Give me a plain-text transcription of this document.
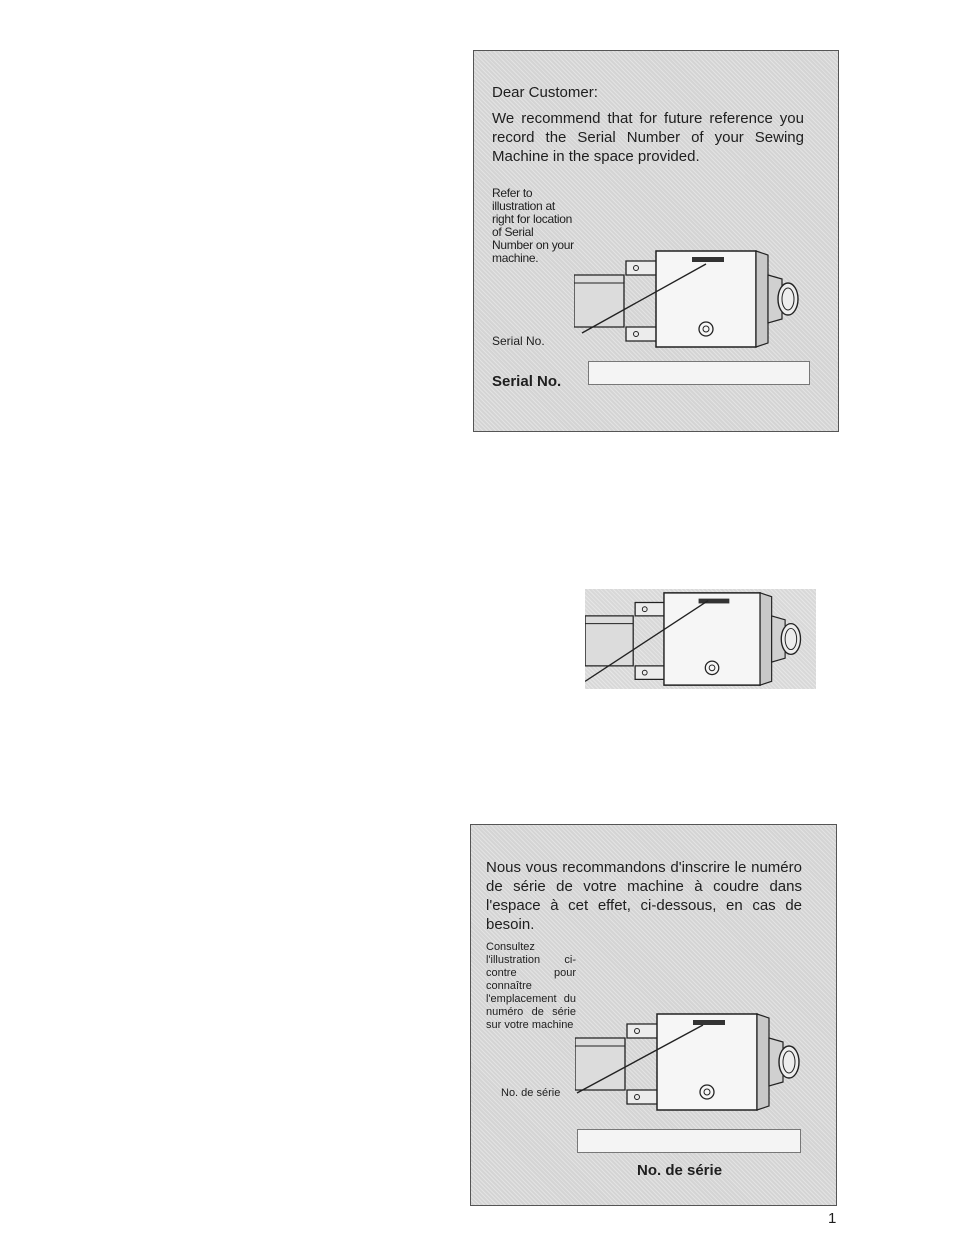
Dear Customer:

We recommend that for future reference you record the Serial Number of your Sewing Machine in the space provided.

Refer to illustration at right for location of Serial Number on your machine.

Serial No.
Serial No.

Nous vous recommandons d'inscrire le numéro de série de votre machine à coudre dans l'espace à cet effet, ci-dessous, en cas de besoin.

Consultez l'illustration ci-contre pour connaître l'emplacement du numéro de série sur votre machine

No. de série
No. de série
1
